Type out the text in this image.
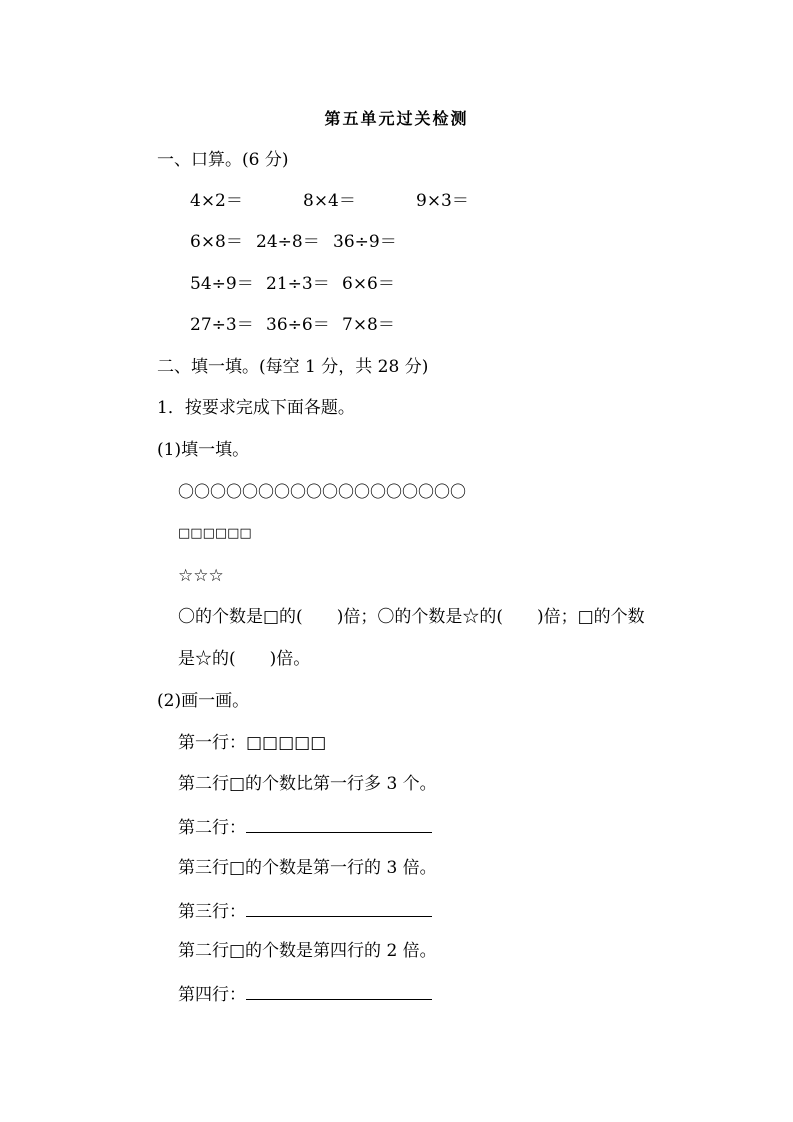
第五单元过关检测
一、口算。(6 分)
4×2＝	8×4＝	9×3＝
6×8＝ 24÷8＝ 36÷9＝
54÷9＝ 21÷3＝ 6×6＝
27÷3＝ 36÷6＝ 7×8＝
二、填一填。(每空 1 分，共 28 分)
1．按要求完成下面各题。
(1)填一填。
〇〇〇〇〇〇〇〇〇〇〇〇〇〇〇〇〇〇
□□□□□□
☆☆☆
〇的个数是□的(　　)倍；〇的个数是☆的(　　)倍；□的个数
是☆的(　　)倍。
(2)画一画。
第一行：□□□□□
第二行□的个数比第一行多 3 个。
第二行：
第三行□的个数是第一行的 3 倍。
第三行：
第二行□的个数是第四行的 2 倍。
第四行：
